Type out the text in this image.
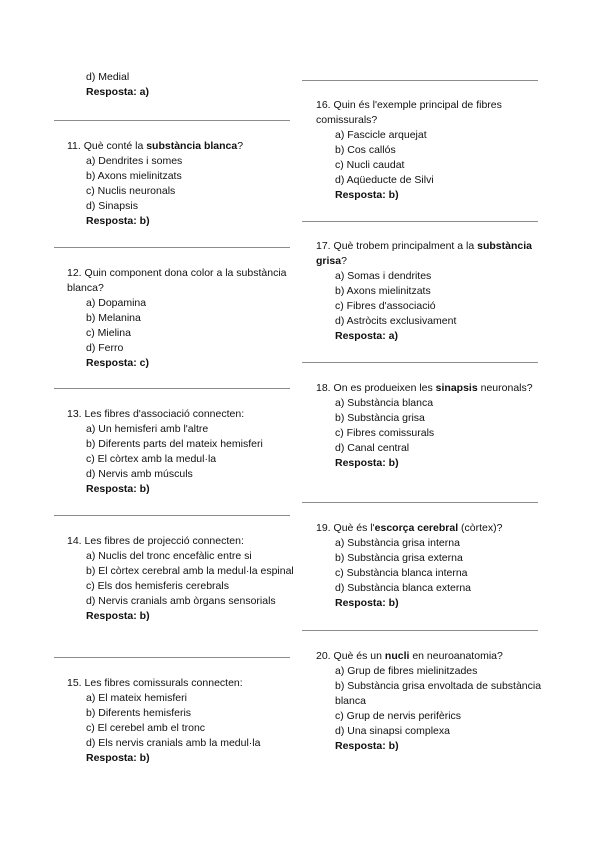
d) Medial
Resposta: a)
11. Què conté la substància blanca?
a) Dendrites i somes
b) Axons mielinitzats
c) Nuclis neuronals
d) Sinapsis
Resposta: b)
12. Quin component dona color a la substància blanca?
a) Dopamina
b) Melanina
c) Mielina
d) Ferro
Resposta: c)
13. Les fibres d'associació connecten:
a) Un hemisferi amb l'altre
b) Diferents parts del mateix hemisferi
c) El còrtex amb la medul·la
d) Nervis amb músculs
Resposta: b)
14. Les fibres de projecció connecten:
a) Nuclis del tronc encefàlic entre si
b) El còrtex cerebral amb la medul·la espinal
c) Els dos hemisferis cerebrals
d) Nervis cranials amb òrgans sensorials
Resposta: b)
15. Les fibres comissurals connecten:
a) El mateix hemisferi
b) Diferents hemisferis
c) El cerebel amb el tronc
d) Els nervis cranials amb la medul·la
Resposta: b)
16. Quin és l'exemple principal de fibres comissurals?
a) Fascicle arquejat
b) Cos callós
c) Nucli caudat
d) Aqüeducte de Silvi
Resposta: b)
17. Què trobem principalment a la substància grisa?
a) Somas i dendrites
b) Axons mielinitzats
c) Fibres d'associació
d) Astròcits exclusivament
Resposta: a)
18. On es produeixen les sinapsis neuronals?
a) Substància blanca
b) Substància grisa
c) Fibres comissurals
d) Canal central
Resposta: b)
19. Què és l'escorça cerebral (còrtex)?
a) Substància grisa interna
b) Substància grisa externa
c) Substància blanca interna
d) Substància blanca externa
Resposta: b)
20. Què és un nucli en neuroanatomia?
a) Grup de fibres mielinitzades
b) Substància grisa envoltada de substància blanca
c) Grup de nervis perifèrics
d) Una sinapsi complexa
Resposta: b)
